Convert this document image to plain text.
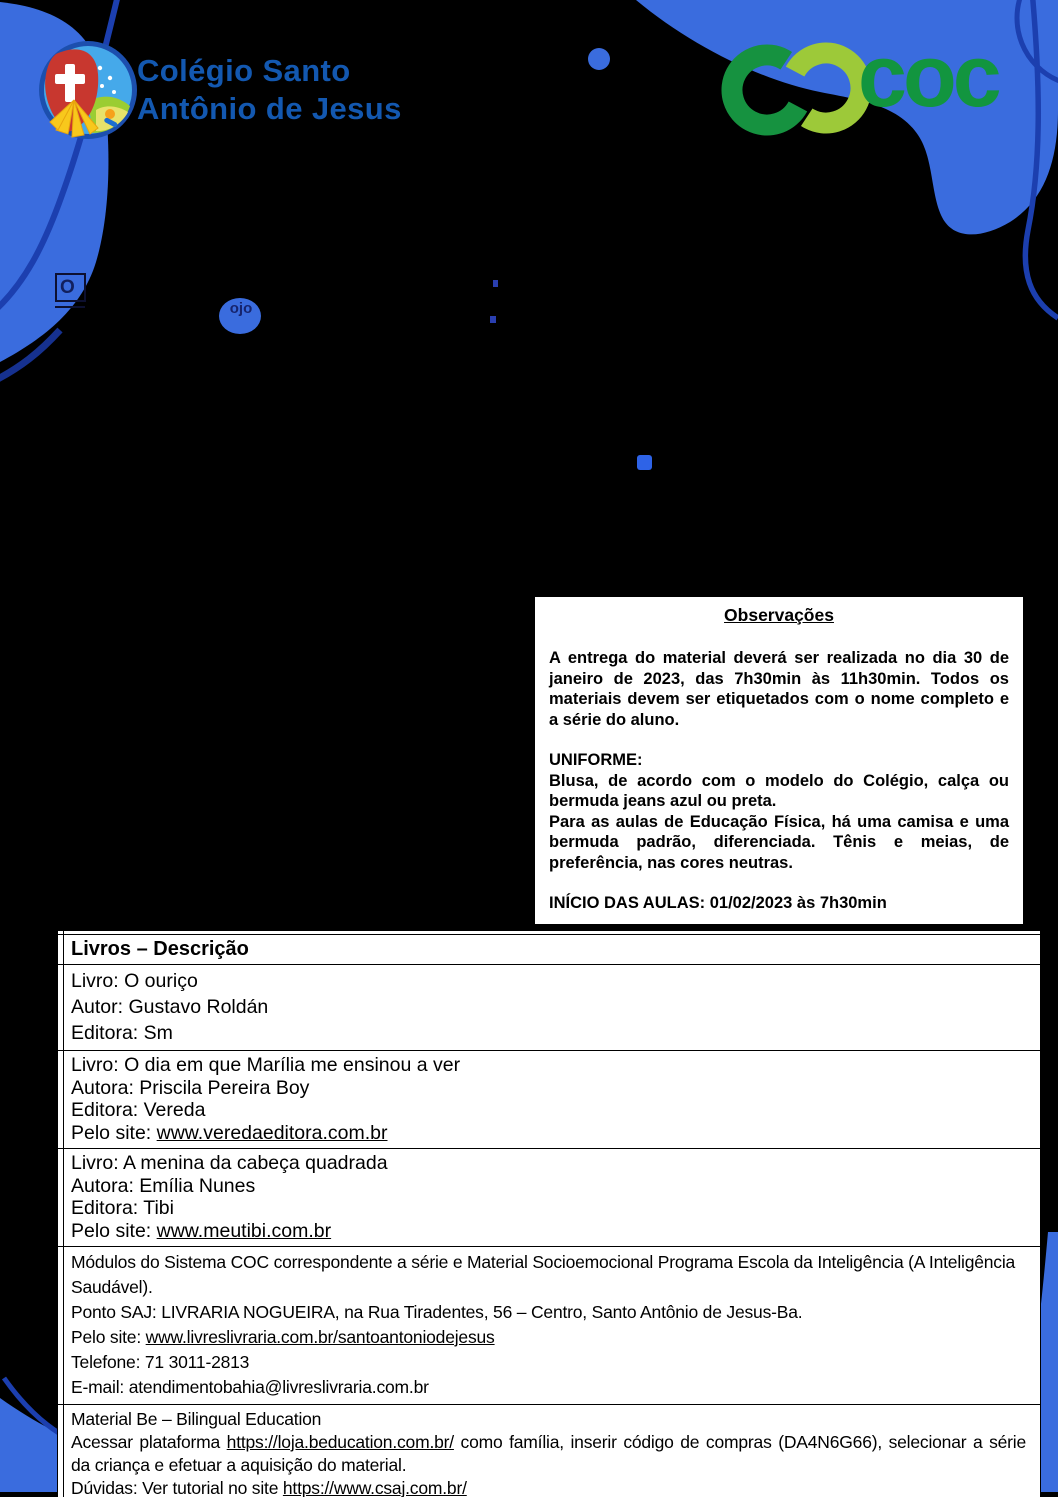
Colégio Santo
Antônio de Jesus	coc
O
ojo
Observações
A entrega do material deverá ser realizada no dia 30 de janeiro de 2023, das 7h30min às 11h30min. Todos os materiais devem ser etiquetados com o nome completo e a série do aluno.
UNIFORME:
Blusa, de acordo com o modelo do Colégio, calça ou bermuda jeans azul ou preta.
Para as aulas de Educação Física, há uma camisa e uma bermuda padrão, diferenciada. Tênis e meias, de preferência, nas cores neutras.
INÍCIO DAS AULAS: 01/02/2023 às 7h30min
Livros – Descrição
Livro: O ouriço
Autor: Gustavo Roldán
Editora: Sm
Livro: O dia em que Marília me ensinou a ver
Autora: Priscila Pereira Boy
Editora: Vereda
Pelo site: www.veredaeditora.com.br
Livro: A menina da cabeça quadrada
Autora: Emília Nunes
Editora: Tibi
Pelo site: www.meutibi.com.br
Módulos do Sistema COC correspondente a série e Material Socioemocional Programa Escola da Inteligência (A Inteligência Saudável).
Ponto SAJ: LIVRARIA NOGUEIRA, na Rua Tiradentes, 56 – Centro, Santo Antônio de Jesus-Ba.
Pelo site: www.livreslivraria.com.br/santoantoniodejesus
Telefone: 71 3011-2813
E-mail: atendimentobahia@livreslivraria.com.br
Material Be – Bilingual Education
Acessar plataforma https://loja.beducation.com.br/ como família, inserir código de compras (DA4N6G66), selecionar a série da criança e efetuar a aquisição do material.
Dúvidas: Ver tutorial no site https://www.csaj.com.br/
